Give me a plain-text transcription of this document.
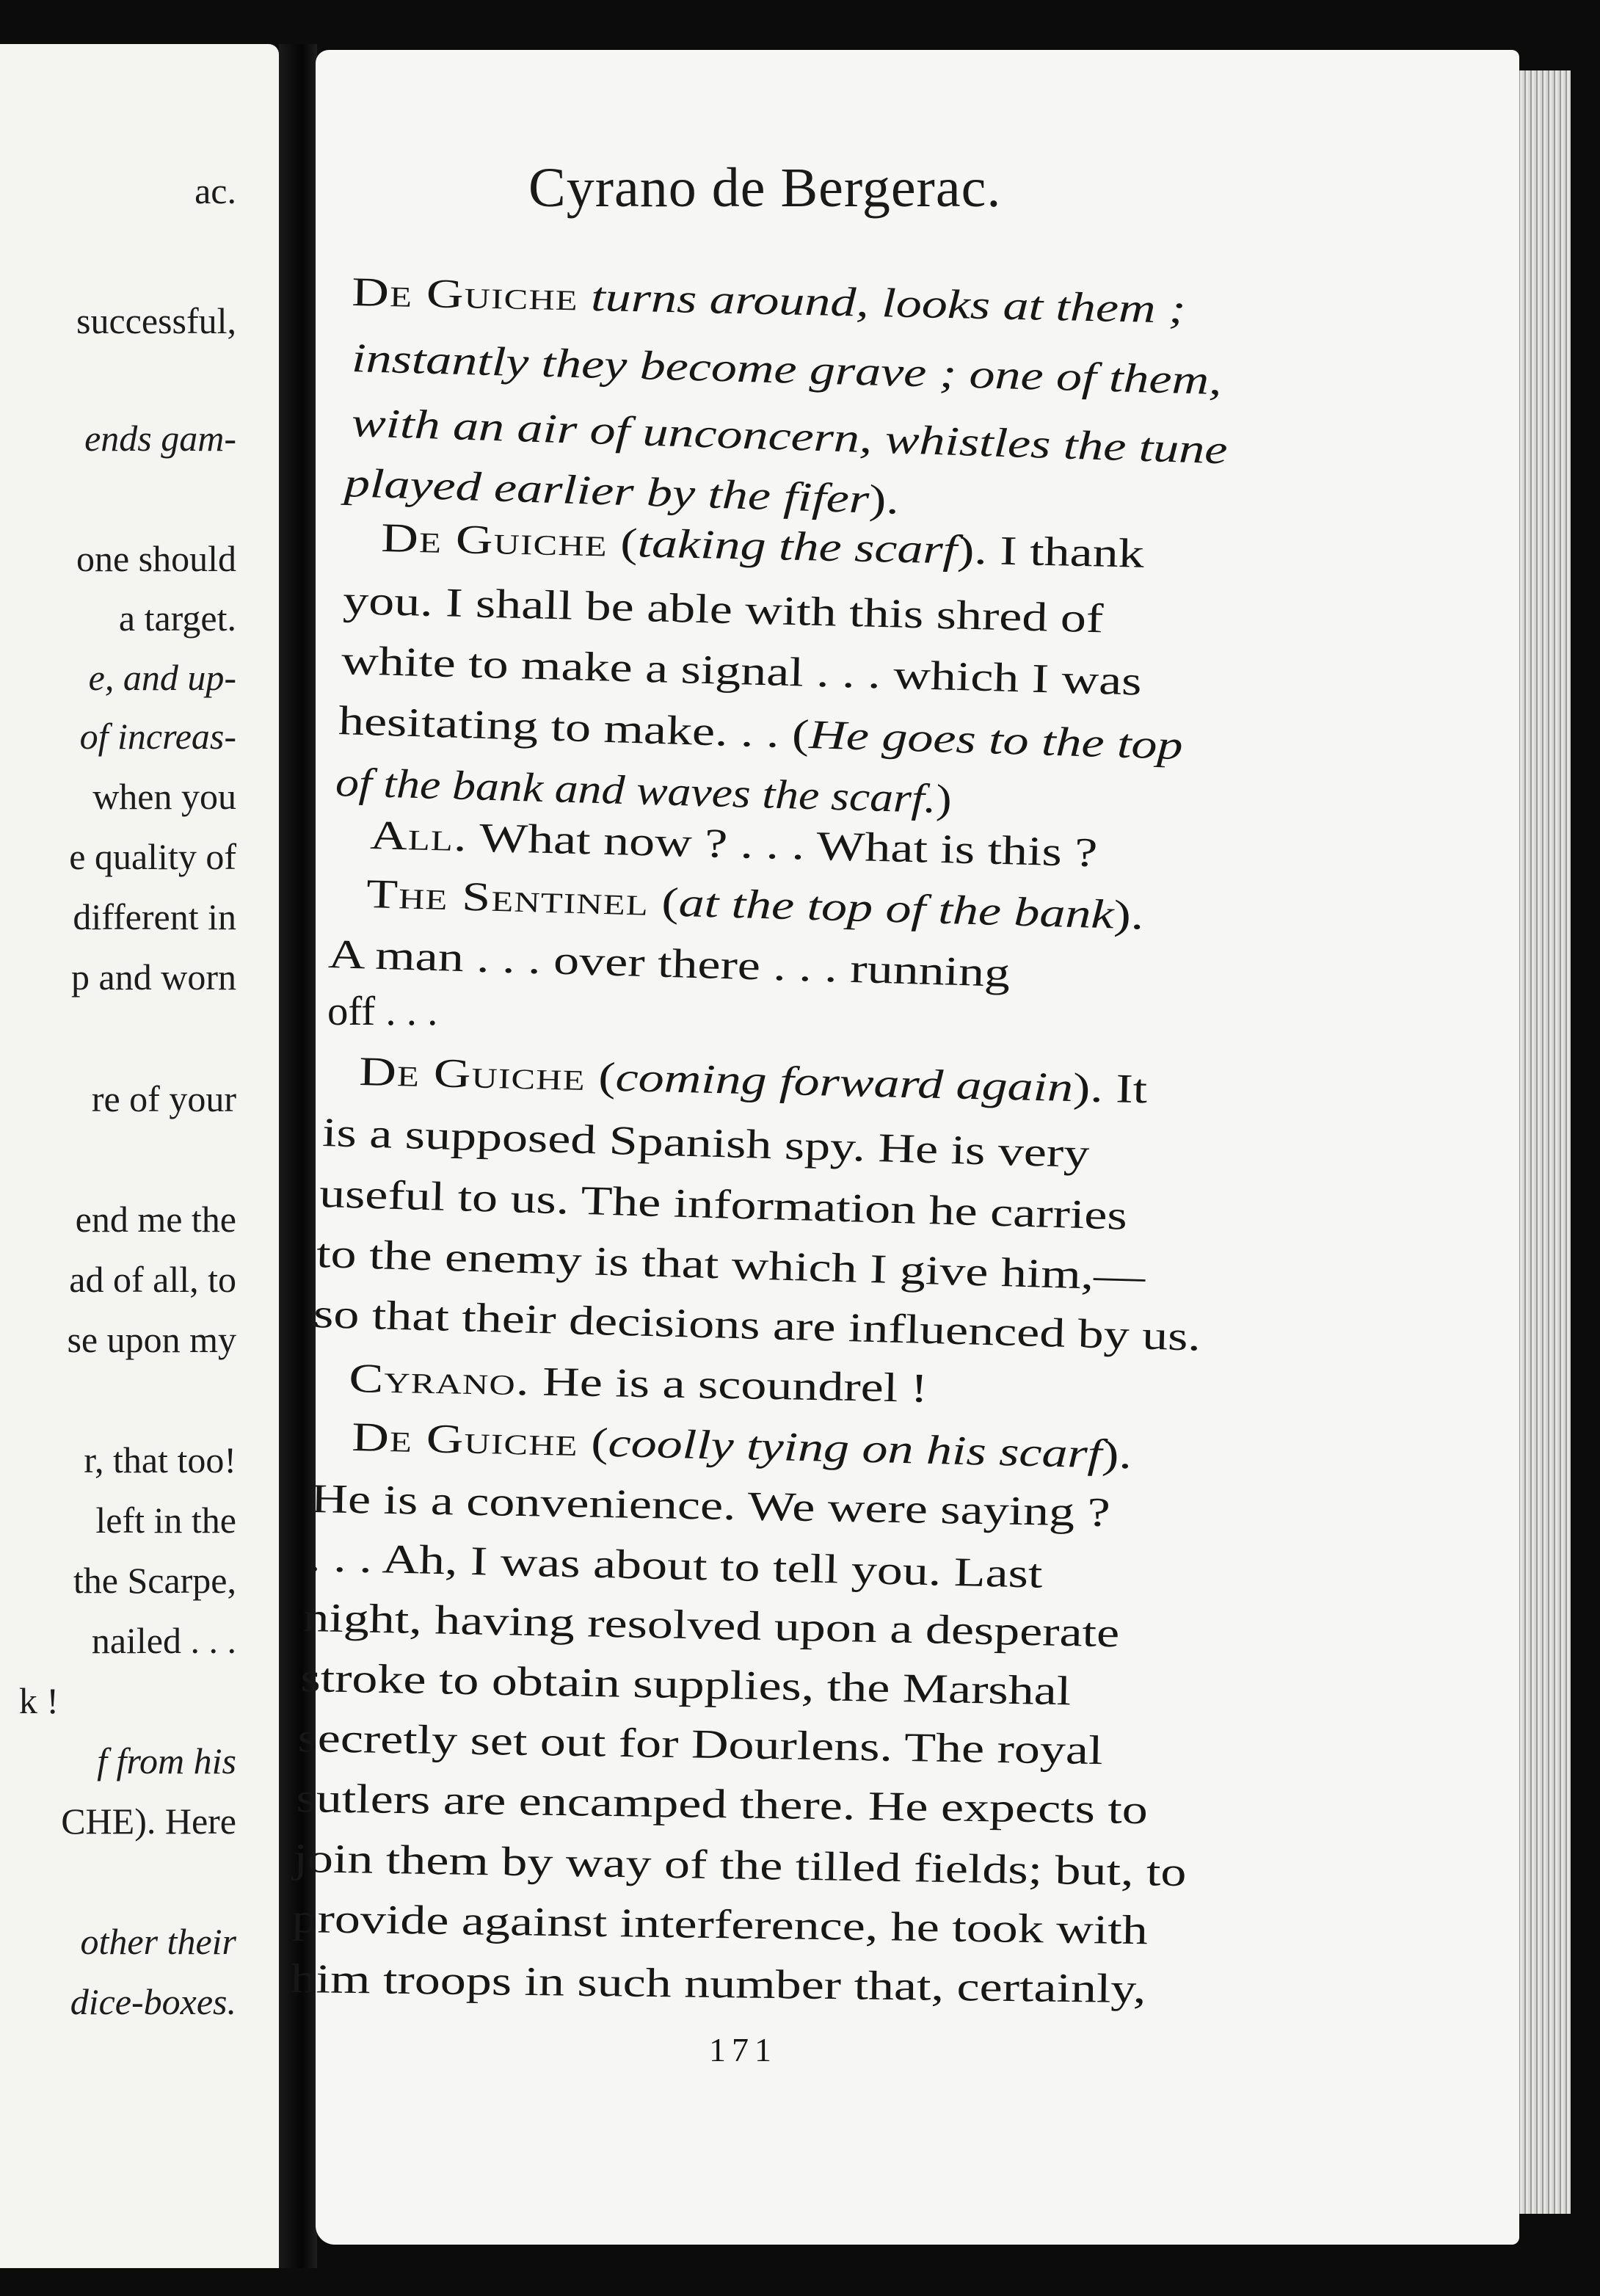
ac.
successful,
ends gam-
one should
a target.
e, and up-
of increas-
when you
e quality of
different in
p and worn
re of your
end me the
ad of all, to
se upon my
r, that too!
left in the
the Scarpe,
nailed . . .
k !
f from his
CHE). Here
other their
dice-boxes.
Cyrano de Bergerac.
De Guiche turns around, looks at them ;
instantly they become grave ; one of them,
with an air of unconcern, whistles the tune
played earlier by the fifer).
De Guiche (taking the scarf). I thank
you. I shall be able with this shred of
white to make a signal . . . which I was
hesitating to make. . . (He goes to the top
of the bank and waves the scarf.)
All. What now ? . . . What is this ?
The Sentinel (at the top of the bank).
A man . . . over there . . . running
off . . .
De Guiche (coming forward again). It
is a supposed Spanish spy. He is very
useful to us. The information he carries
to the enemy is that which I give him,—
so that their decisions are influenced by us.
Cyrano. He is a scoundrel !
De Guiche (coolly tying on his scarf).
He is a convenience. We were saying ?
. . . Ah, I was about to tell you. Last
night, having resolved upon a desperate
stroke to obtain supplies, the Marshal
secretly set out for Dourlens. The royal
sutlers are encamped there. He expects to
join them by way of the tilled fields; but, to
provide against interference, he took with
him troops in such number that, certainly,
171
